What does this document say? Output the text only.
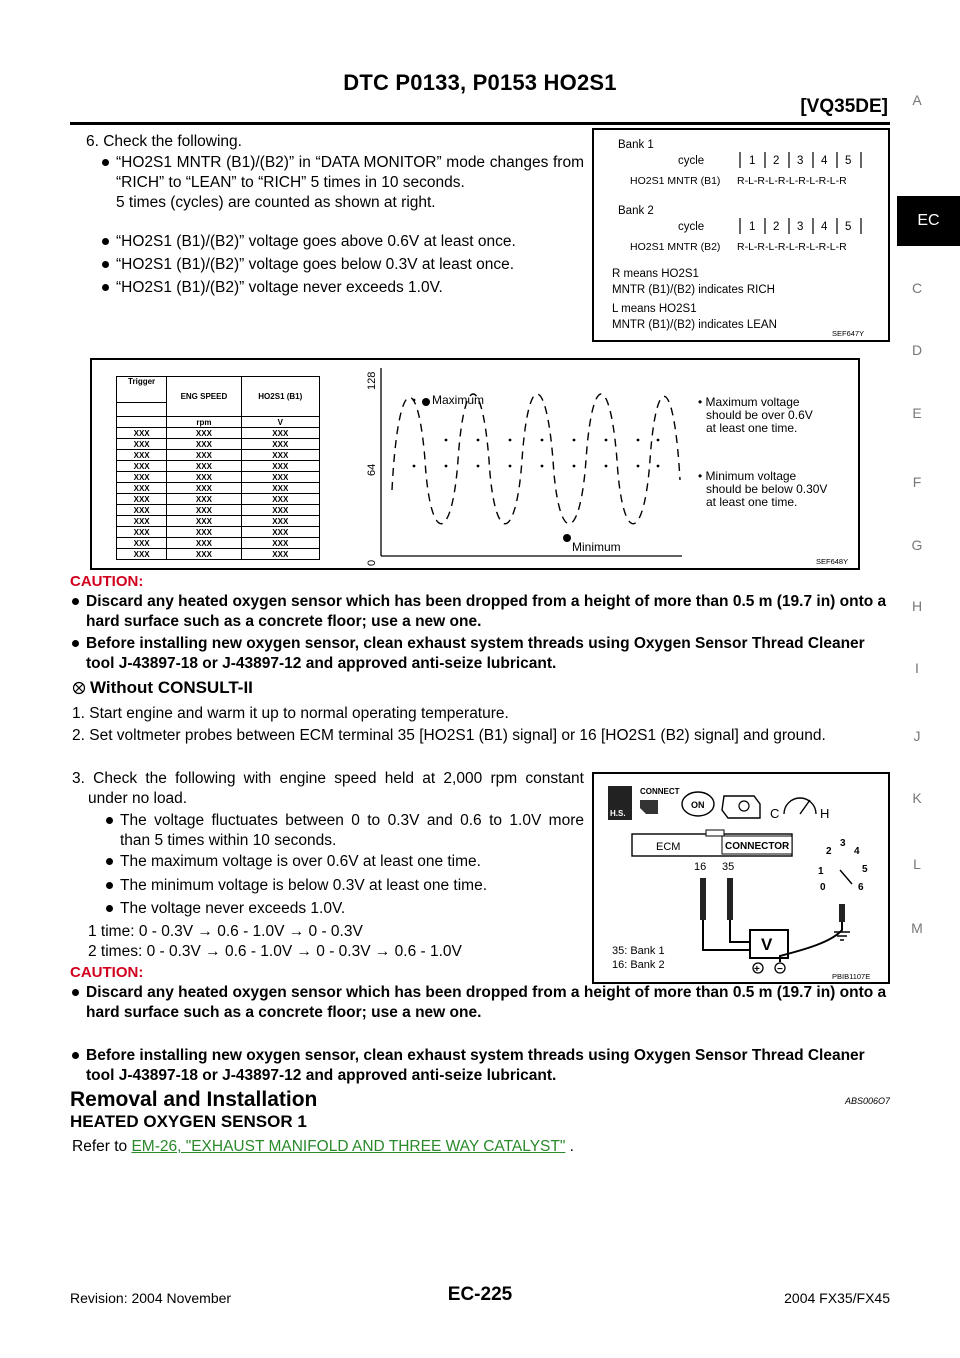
DTC P0133, P0153 HO2S1
[VQ35DE]	A
EC
C
D
E
F
G
H
I
J
K
L
M
6. Check the following.
“HO2S1 MNTR (B1)/(B2)” in “DATA MONITOR” mode changes from “RICH” to “LEAN” to “RICH” 5 times in 10 seconds.
5 times (cycles) are counted as shown at right.
“HO2S1 (B1)/(B2)” voltage goes above 0.6V at least once.
“HO2S1 (B1)/(B2)” voltage goes below 0.3V at least once.
“HO2S1 (B1)/(B2)” voltage never exceeds 1.0V.
Bank 1
cycle	1 2 3 4 5
HO2S1 MNTR (B1) R-L-R-L-R-L-R-L-R-L-R
Bank 2
cycle	1 2 3 4 5
HO2S1 MNTR (B2) R-L-R-L-R-L-R-L-R-L-R
R means HO2S1
MNTR (B1)/(B2) indicates RICH
L means HO2S1
MNTR (B1)/(B2) indicates LEAN
SEF647Y
Trigger	ENG SPEED	HO2S1 (B1)

	rpm	V
XXX	XXX	XXX
XXX	XXX	XXX
XXX	XXX	XXX
XXX	XXX	XXX
XXX	XXX	XXX
XXX	XXX	XXX
XXX	XXX	XXX
XXX	XXX	XXX
XXX	XXX	XXX
XXX	XXX	XXX
XXX	XXX	XXX
XXX	XXX	XXX
128
64
0
Maximum
Minimum
• Maximum voltage
should be over 0.6V
at least one time.
• Minimum voltage
should be below 0.30V
at least one time.
SEF648Y
CAUTION:
Discard any heated oxygen sensor which has been dropped from a height of more than 0.5 m (19.7 in) onto a hard surface such as a concrete floor; use a new one.
Before installing new oxygen sensor, clean exhaust system threads using Oxygen Sensor Thread Cleaner tool J-43897-18 or J-43897-12 and approved anti-seize lubricant.
Without CONSULT-II
1. Start engine and warm it up to normal operating temperature.
2. Set voltmeter probes between ECM terminal 35 [HO2S1 (B1) signal] or 16 [HO2S1 (B2) signal] and ground.
3. Check the following with engine speed held at 2,000 rpm constant under no load.
The voltage fluctuates between 0 to 0.3V and 0.6 to 1.0V more than 5 times within 10 seconds.
The maximum voltage is over 0.6V at least one time.
The minimum voltage is below 0.3V at least one time.
The voltage never exceeds 1.0V.
1 time: 0 - 0.3V → 0.6 - 1.0V → 0 - 0.3V
2 times: 0 - 0.3V → 0.6 - 1.0V → 0 - 0.3V → 0.6 - 1.0V
H.S.
CONNECT
ON
C	H
ECM	CONNECTOR
16 35
0
1
2
3
4
5
6
V
+ −
35: Bank 1
16: Bank 2
PBIB1107E
CAUTION:
Discard any heated oxygen sensor which has been dropped from a height of more than 0.5 m (19.7 in) onto a hard surface such as a concrete floor; use a new one.
Before installing new oxygen sensor, clean exhaust system threads using Oxygen Sensor Thread Cleaner tool J-43897-18 or J-43897-12 and approved anti-seize lubricant.
Removal and Installation	ABS006O7
HEATED OXYGEN SENSOR 1
Refer to EM-26, "EXHAUST MANIFOLD AND THREE WAY CATALYST" .
Revision: 2004 November	EC-225	2004 FX35/FX45
